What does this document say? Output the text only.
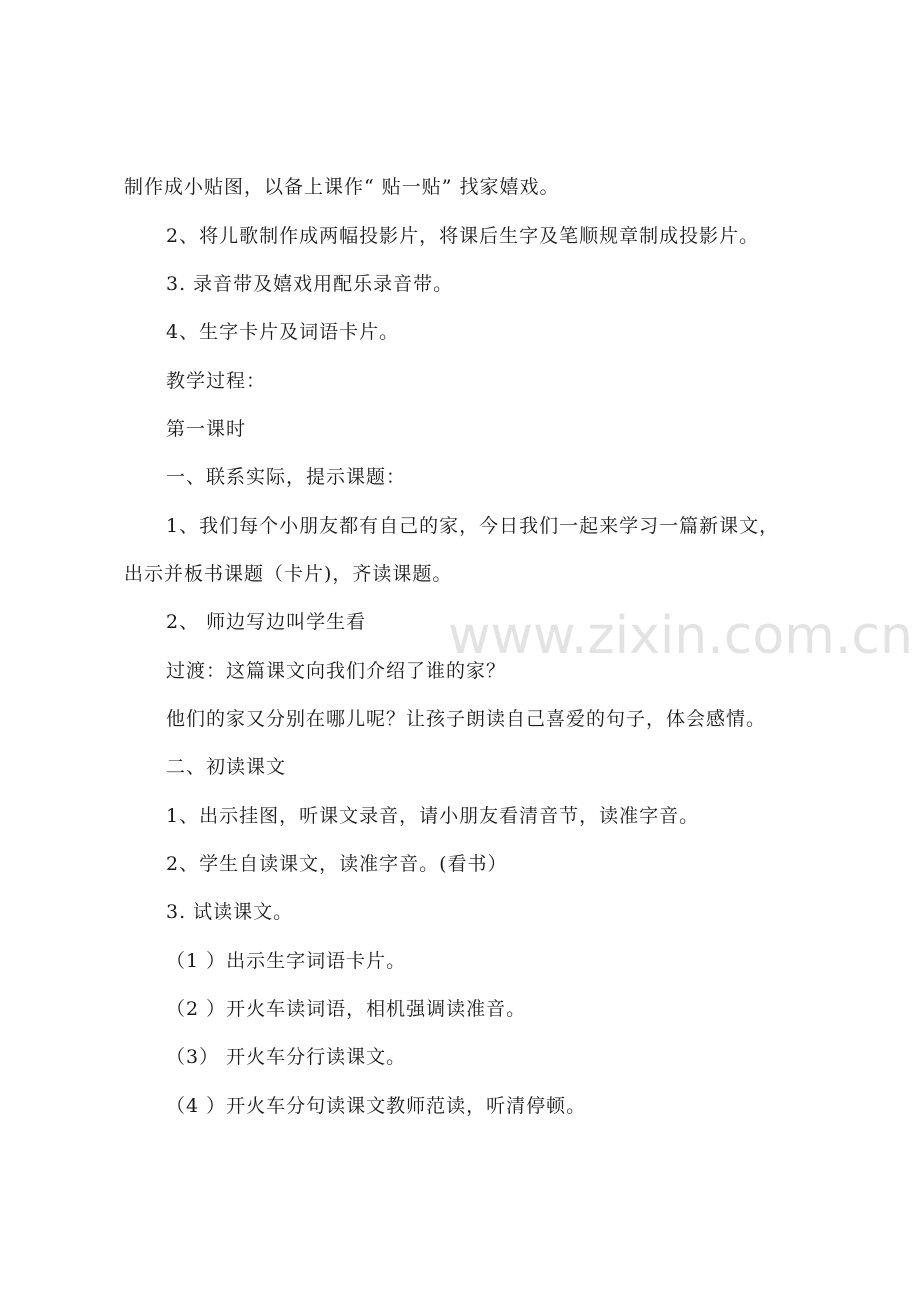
制作成小贴图，以备上课作“ 贴一贴” 找家嬉戏。
2、将儿歌制作成两幅投影片，将课后生字及笔顺规章制成投影片。
3. 录音带及嬉戏用配乐录音带。
4、生字卡片及词语卡片。
教学过程：
第一课时
一、联系实际，提示课题：
1、我们每个小朋友都有自己的家，今日我们一起来学习一篇新课文，
出示并板书课题（卡片)，齐读课题。
2、 师边写边叫学生看
过渡：这篇课文向我们介绍了谁的家？
他们的家又分别在哪儿呢？让孩子朗读自己喜爱的句子，体会感情。
二、初读课文
1、出示挂图，听课文录音，请小朋友看清音节，读准字音。
2、学生自读课文，读准字音。(看书）
3. 试读课文。
（1 ）出示生字词语卡片。
（2 ）开火车读词语，相机强调读准音。
（3） 开火车分行读课文。
（4 ）开火车分句读课文教师范读，听清停顿。
www.zixin.com.cn
